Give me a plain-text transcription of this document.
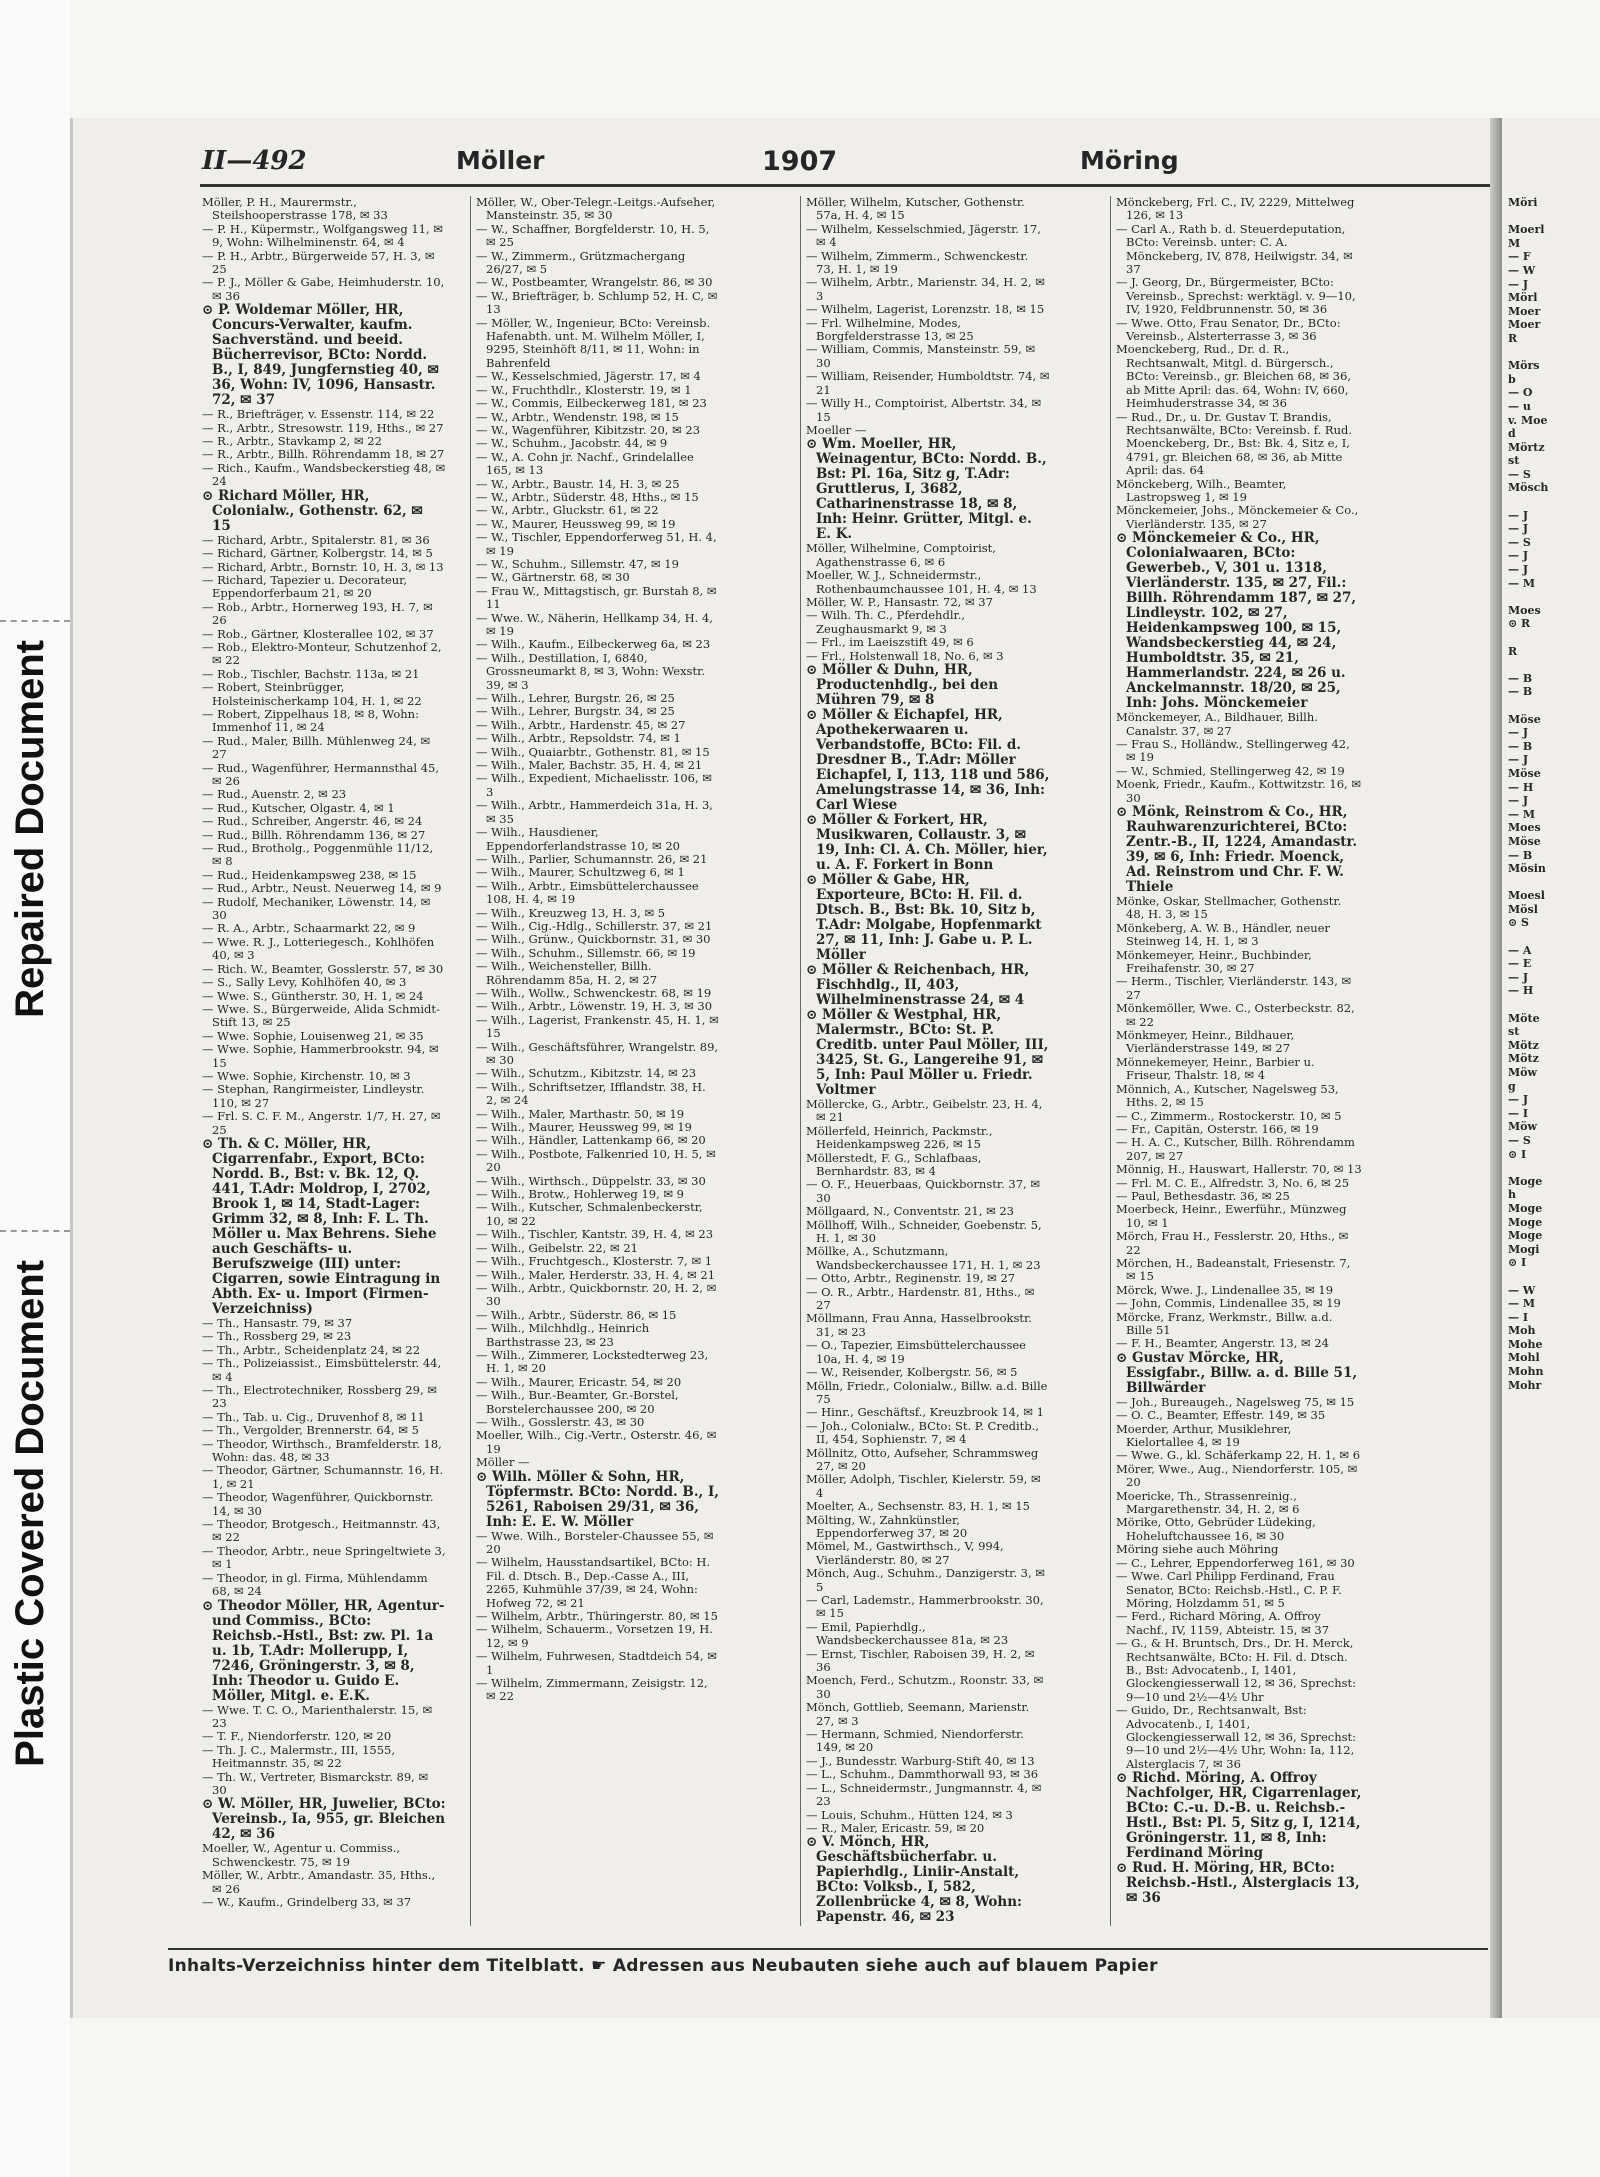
Repaired Document
Plastic Covered Document
Möri

Moerl
M
— F
— W
— J
Mörl
Moer
Moer
R

Mörs
b
— O
— u
v. Moe
d
Mörtz
st
— S
Mösch

— J
— J
— S
— J
— J
— M

Moes
⊙ R

R

— B
— B

Möse
— J
— B
— J
Möse
— H
— J
— M
Moes
Möse
— B
Mösin

Moesl
Mösl
⊙ S

— A
— E
— J
— H

Möte
st
Mötz
Mötz
Möw
g
— J
— I
Möw
— S
⊙ I

Moge
h
Moge
Moge
Moge
Mogi
⊙ I

— W
— M
— I
Moh
Mohe
Mohl
Mohn
Mohr
II—492	Möller	1907	Möring

Möller, P. H., Maurermstr., Steilshooperstrasse 178, ✉ 33

— P. H., Küpermstr., Wolfgangsweg 11, ✉ 9, Wohn: Wilhelminenstr. 64, ✉ 4

— P. H., Arbtr., Bürgerweide 57, H. 3, ✉ 25

— P. J., Möller & Gabe, Heimhuderstr. 10, ✉ 36

⊙ P. Woldemar Möller, HR, Concurs-Verwalter, kaufm. Sachverständ. und beeid. Bücherrevisor, BCto: Nordd. B., I, 849, Jungfernstieg 40, ✉ 36, Wohn: IV, 1096, Hansastr. 72, ✉ 37

— R., Briefträger, v. Essenstr. 114, ✉ 22

— R., Arbtr., Stresowstr. 119, Hths., ✉ 27

— R., Arbtr., Stavkamp 2, ✉ 22

— R., Arbtr., Billh. Röhrendamm 18, ✉ 27

— Rich., Kaufm., Wandsbeckerstieg 48, ✉ 24

⊙ Richard Möller, HR, Colonialw., Gothenstr. 62, ✉ 15

— Richard, Arbtr., Spitalerstr. 81, ✉ 36

— Richard, Gärtner, Kolbergstr. 14, ✉ 5

— Richard, Arbtr., Bornstr. 10, H. 3, ✉ 13

— Richard, Tapezier u. Decorateur, Eppendorferbaum 21, ✉ 20

— Rob., Arbtr., Hornerweg 193, H. 7, ✉ 26

— Rob., Gärtner, Klosterallee 102, ✉ 37

— Rob., Elektro-Monteur, Schutzenhof 2, ✉ 22

— Rob., Tischler, Bachstr. 113a, ✉ 21

— Robert, Steinbrügger, Holsteinischerkamp 104, H. 1, ✉ 22

— Robert, Zippelhaus 18, ✉ 8, Wohn: Immenhof 11, ✉ 24

— Rud., Maler, Billh. Mühlenweg 24, ✉ 27

— Rud., Wagenführer, Hermannsthal 45, ✉ 26

— Rud., Auenstr. 2, ✉ 23

— Rud., Kutscher, Olgastr. 4, ✉ 1

— Rud., Schreiber, Angerstr. 46, ✉ 24

— Rud., Billh. Röhrendamm 136, ✉ 27

— Rud., Brotholg., Poggenmühle 11/12, ✉ 8

— Rud., Heidenkampsweg 238, ✉ 15

— Rud., Arbtr., Neust. Neuerweg 14, ✉ 9

— Rudolf, Mechaniker, Löwenstr. 14, ✉ 30

— R. A., Arbtr., Schaarmarkt 22, ✉ 9

— Wwe. R. J., Lotteriegesch., Kohlhöfen 40, ✉ 3

— Rich. W., Beamter, Gosslerstr. 57, ✉ 30

— S., Sally Levy, Kohlhöfen 40, ✉ 3

— Wwe. S., Güntherstr. 30, H. 1, ✉ 24

— Wwe. S., Bürgerweide, Alida Schmidt-Stift 13, ✉ 25

— Wwe. Sophie, Louisenweg 21, ✉ 35

— Wwe. Sophie, Hammerbrookstr. 94, ✉ 15

— Wwe. Sophie, Kirchenstr. 10, ✉ 3

— Stephan, Rangirmeister, Lindleystr. 110, ✉ 27

— Frl. S. C. F. M., Angerstr. 1/7, H. 27, ✉ 25

⊙ Th. & C. Möller, HR, Cigarrenfabr., Export, BCto: Nordd. B., Bst: v. Bk. 12, Q. 441, T.Adr: Moldrop, I, 2702, Brook 1, ✉ 14, Stadt-Lager: Grimm 32, ✉ 8, Inh: F. L. Th. Möller u. Max Behrens. Siehe auch Geschäfts- u. Berufszweige (III) unter: Cigarren, sowie Eintragung in Abth. Ex- u. Import (Firmen-Verzeichniss)

— Th., Hansastr. 79, ✉ 37

— Th., Rossberg 29, ✉ 23

— Th., Arbtr., Scheidenplatz 24, ✉ 22

— Th., Polizeiassist., Eimsbüttelerstr. 44, ✉ 4

— Th., Electrotechniker, Rossberg 29, ✉ 23

— Th., Tab. u. Cig., Druvenhof 8, ✉ 11

— Th., Vergolder, Brennerstr. 64, ✉ 5

— Theodor, Wirthsch., Bramfelderstr. 18, Wohn: das. 48, ✉ 33

— Theodor, Gärtner, Schumannstr. 16, H. 1, ✉ 21

— Theodor, Wagenführer, Quickbornstr. 14, ✉ 30

— Theodor, Brotgesch., Heitmannstr. 43, ✉ 22

— Theodor, Arbtr., neue Springeltwiete 3, ✉ 1

— Theodor, in gl. Firma, Mühlendamm 68, ✉ 24

⊙ Theodor Möller, HR, Agentur- und Commiss., BCto: Reichsb.-Hstl., Bst: zw. Pl. 1a u. 1b, T.Adr: Mollerupp, I, 7246, Gröningerstr. 3, ✉ 8, Inh: Theodor u. Guido E. Möller, Mitgl. e. E.K.

— Wwe. T. C. O., Marienthalerstr. 15, ✉ 23

— T. F., Niendorferstr. 120, ✉ 20

— Th. J. C., Malermstr., III, 1555, Heitmannstr. 35, ✉ 22

— Th. W., Vertreter, Bismarckstr. 89, ✉ 30

⊙ W. Möller, HR, Juwelier, BCto: Vereinsb., Ia, 955, gr. Bleichen 42, ✉ 36

Moeller, W., Agentur u. Commiss., Schwenckestr. 75, ✉ 19

Möller, W., Arbtr., Amandastr. 35, Hths., ✉ 26

— W., Kaufm., Grindelberg 33, ✉ 37

Möller, W., Ober-Telegr.-Leitgs.-Aufseher, Mansteinstr. 35, ✉ 30

— W., Schaffner, Borgfelderstr. 10, H. 5, ✉ 25

— W., Zimmerm., Grützmachergang 26/27, ✉ 5

— W., Postbeamter, Wrangelstr. 86, ✉ 30

— W., Briefträger, b. Schlump 52, H. C, ✉ 13

— Möller, W., Ingenieur, BCto: Vereinsb. Hafenabth. unt. M. Wilhelm Möller, I, 9295, Steinhöft 8/11, ✉ 11, Wohn: in Bahrenfeld

— W., Kesselschmied, Jägerstr. 17, ✉ 4

— W., Fruchthdlr., Klosterstr. 19, ✉ 1

— W., Commis, Eilbeckerweg 181, ✉ 23

— W., Arbtr., Wendenstr. 198, ✉ 15

— W., Wagenführer, Kibitzstr. 20, ✉ 23

— W., Schuhm., Jacobstr. 44, ✉ 9

— W., A. Cohn jr. Nachf., Grindelallee 165, ✉ 13

— W., Arbtr., Baustr. 14, H. 3, ✉ 25

— W., Arbtr., Süderstr. 48, Hths., ✉ 15

— W., Arbtr., Gluckstr. 61, ✉ 22

— W., Maurer, Heussweg 99, ✉ 19

— W., Tischler, Eppendorferweg 51, H. 4, ✉ 19

— W., Schuhm., Sillemstr. 47, ✉ 19

— W., Gärtnerstr. 68, ✉ 30

— Frau W., Mittagstisch, gr. Burstah 8, ✉ 11

— Wwe. W., Näherin, Hellkamp 34, H. 4, ✉ 19

— Wilh., Kaufm., Eilbeckerweg 6a, ✉ 23

— Wilh., Destillation, I, 6840, Grossneumarkt 8, ✉ 3, Wohn: Wexstr. 39, ✉ 3

— Wilh., Lehrer, Burgstr. 26, ✉ 25

— Wilh., Lehrer, Burgstr. 34, ✉ 25

— Wilh., Arbtr., Hardenstr. 45, ✉ 27

— Wilh., Arbtr., Repsoldstr. 74, ✉ 1

— Wilh., Quaiarbtr., Gothenstr. 81, ✉ 15

— Wilh., Maler, Bachstr. 35, H. 4, ✉ 21

— Wilh., Expedient, Michaelisstr. 106, ✉ 3

— Wilh., Arbtr., Hammerdeich 31a, H. 3, ✉ 35

— Wilh., Hausdiener, Eppendorferlandstrasse 10, ✉ 20

— Wilh., Parlier, Schumannstr. 26, ✉ 21

— Wilh., Maurer, Schultzweg 6, ✉ 1

— Wilh., Arbtr., Eimsbüttelerchaussee 108, H. 4, ✉ 19

— Wilh., Kreuzweg 13, H. 3, ✉ 5

— Wilh., Cig.-Hdlg., Schillerstr. 37, ✉ 21

— Wilh., Grünw., Quickbornstr. 31, ✉ 30

— Wilh., Schuhm., Sillemstr. 66, ✉ 19

— Wilh., Weichensteller, Billh. Röhrendamm 85a, H. 2, ✉ 27

— Wilh., Wollw., Schwenckestr. 68, ✉ 19

— Wilh., Arbtr., Löwenstr. 19, H. 3, ✉ 30

— Wilh., Lagerist, Frankenstr. 45, H. 1, ✉ 15

— Wilh., Geschäftsführer, Wrangelstr. 89, ✉ 30

— Wilh., Schutzm., Kibitzstr. 14, ✉ 23

— Wilh., Schriftsetzer, Ifflandstr. 38, H. 2, ✉ 24

— Wilh., Maler, Marthastr. 50, ✉ 19

— Wilh., Maurer, Heussweg 99, ✉ 19

— Wilh., Händler, Lattenkamp 66, ✉ 20

— Wilh., Postbote, Falkenried 10, H. 5, ✉ 20

— Wilh., Wirthsch., Düppelstr. 33, ✉ 30

— Wilh., Brotw., Hohlerweg 19, ✉ 9

— Wilh., Kutscher, Schmalenbeckerstr, 10, ✉ 22

— Wilh., Tischler, Kantstr. 39, H. 4, ✉ 23

— Wilh., Geibelstr. 22, ✉ 21

— Wilh., Fruchtgesch., Klosterstr. 7, ✉ 1

— Wilh., Maler, Herderstr. 33, H. 4, ✉ 21

— Wilh., Arbtr., Quickbornstr. 20, H. 2, ✉ 30

— Wilh., Arbtr., Süderstr. 86, ✉ 15

— Wilh., Milchhdlg., Heinrich Barthstrasse 23, ✉ 23

— Wilh., Zimmerer, Lockstedterweg 23, H. 1, ✉ 20

— Wilh., Maurer, Ericastr. 54, ✉ 20

— Wilh., Bur.-Beamter, Gr.-Borstel, Borstelerchaussee 200, ✉ 20

— Wilh., Gosslerstr. 43, ✉ 30

Moeller, Wilh., Cig.-Vertr., Osterstr. 46, ✉ 19

Möller —

⊙ Wilh. Möller & Sohn, HR, Töpfermstr. BCto: Nordd. B., I, 5261, Raboisen 29/31, ✉ 36, Inh: E. E. W. Möller

— Wwe. Wilh., Borsteler-Chaussee 55, ✉ 20

— Wilhelm, Hausstandsartikel, BCto: H. Fil. d. Dtsch. B., Dep.-Casse A., III, 2265, Kuhmühle 37/39, ✉ 24, Wohn: Hofweg 72, ✉ 21

— Wilhelm, Arbtr., Thüringerstr. 80, ✉ 15

— Wilhelm, Schauerm., Vorsetzen 19, H. 12, ✉ 9

— Wilhelm, Fuhrwesen, Stadtdeich 54, ✉ 1

— Wilhelm, Zimmermann, Zeisigstr. 12, ✉ 22

Möller, Wilhelm, Kutscher, Gothenstr. 57a, H. 4, ✉ 15

— Wilhelm, Kesselschmied, Jägerstr. 17, ✉ 4

— Wilhelm, Zimmerm., Schwenckestr. 73, H. 1, ✉ 19

— Wilhelm, Arbtr., Marienstr. 34, H. 2, ✉ 3

— Wilhelm, Lagerist, Lorenzstr. 18, ✉ 15

— Frl. Wilhelmine, Modes, Borgfelderstrasse 13, ✉ 25

— William, Commis, Mansteinstr. 59, ✉ 30

— William, Reisender, Humboldtstr. 74, ✉ 21

— Willy H., Comptoirist, Albertstr. 34, ✉ 15

Moeller —

⊙ Wm. Moeller, HR, Weinagentur, BCto: Nordd. B., Bst: Pl. 16a, Sitz g, T.Adr: Gruttlerus, I, 3682, Catharinenstrasse 18, ✉ 8, Inh: Heinr. Grütter, Mitgl. e. E. K.

Möller, Wilhelmine, Comptoirist, Agathenstrasse 6, ✉ 6

Moeller, W. J., Schneidermstr., Rothenbaumchaussee 101, H. 4, ✉ 13

Möller, W. P., Hansastr. 72, ✉ 37

— Wilh. Th. C., Pferdehdlr., Zeughausmarkt 9, ✉ 3

— Frl., im Laeiszstift 49, ✉ 6

— Frl., Holstenwall 18, No. 6, ✉ 3

⊙ Möller & Duhn, HR, Productenhdlg., bei den Mühren 79, ✉ 8

⊙ Möller & Eichapfel, HR, Apothekerwaaren u. Verbandstoffe, BCto: Fil. d. Dresdner B., T.Adr: Möller Eichapfel, I, 113, 118 und 586, Amelungstrasse 14, ✉ 36, Inh: Carl Wiese

⊙ Möller & Forkert, HR, Musikwaren, Collaustr. 3, ✉ 19, Inh: Cl. A. Ch. Möller, hier, u. A. F. Forkert in Bonn

⊙ Möller & Gabe, HR, Exporteure, BCto: H. Fil. d. Dtsch. B., Bst: Bk. 10, Sitz b, T.Adr: Molgabe, Hopfenmarkt 27, ✉ 11, Inh: J. Gabe u. P. L. Möller

⊙ Möller & Reichenbach, HR, Fischhdlg., II, 403, Wilhelminenstrasse 24, ✉ 4

⊙ Möller & Westphal, HR, Malermstr., BCto: St. P. Creditb. unter Paul Möller, III, 3425, St. G., Langereihe 91, ✉ 5, Inh: Paul Möller u. Friedr. Voltmer

Möllercke, G., Arbtr., Geibelstr. 23, H. 4, ✉ 21

Möllerfeld, Heinrich, Packmstr., Heidenkampsweg 226, ✉ 15

Möllerstedt, F. G., Schlafbaas, Bernhardstr. 83, ✉ 4

— O. F., Heuerbaas, Quickbornstr. 37, ✉ 30

Möllgaard, N., Conventstr. 21, ✉ 23

Möllhoff, Wilh., Schneider, Goebenstr. 5, H. 1, ✉ 30

Möllke, A., Schutzmann, Wandsbeckerchaussee 171, H. 1, ✉ 23

— Otto, Arbtr., Reginenstr. 19, ✉ 27

— O. R., Arbtr., Hardenstr. 81, Hths., ✉ 27

Möllmann, Frau Anna, Hasselbrookstr. 31, ✉ 23

— O., Tapezier, Eimsbüttelerchaussee 10a, H. 4, ✉ 19

— W., Reisender, Kolbergstr. 56, ✉ 5

Mölln, Friedr., Colonialw., Billw. a.d. Bille 75

— Hinr., Geschäftsf., Kreuzbrook 14, ✉ 1

— Joh., Colonialw., BCto: St. P. Creditb., II, 454, Sophienstr. 7, ✉ 4

Möllnitz, Otto, Aufseher, Schrammsweg 27, ✉ 20

Möller, Adolph, Tischler, Kielerstr. 59, ✉ 4

Moelter, A., Sechsenstr. 83, H. 1, ✉ 15

Mölting, W., Zahnkünstler, Eppendorferweg 37, ✉ 20

Mömel, M., Gastwirthsch., V, 994, Vierländerstr. 80, ✉ 27

Mönch, Aug., Schuhm., Danzigerstr. 3, ✉ 5

— Carl, Lademstr., Hammerbrookstr. 30, ✉ 15

— Emil, Papierhdlg., Wandsbeckerchaussee 81a, ✉ 23

— Ernst, Tischler, Raboisen 39, H. 2, ✉ 36

Moench, Ferd., Schutzm., Roonstr. 33, ✉ 30

Mönch, Gottlieb, Seemann, Marienstr. 27, ✉ 3

— Hermann, Schmied, Niendorferstr. 149, ✉ 20

— J., Bundesstr. Warburg-Stift 40, ✉ 13

— L., Schuhm., Dammthorwall 93, ✉ 36

— L., Schneidermstr., Jungmannstr. 4, ✉ 23

— Louis, Schuhm., Hütten 124, ✉ 3

— R., Maler, Ericastr. 59, ✉ 20

⊙ V. Mönch, HR, Geschäftsbücherfabr. u. Papierhdlg., Liniir-Anstalt, BCto: Volksb., I, 582, Zollenbrücke 4, ✉ 8, Wohn: Papenstr. 46, ✉ 23

Mönckeberg, Frl. C., IV, 2229, Mittelweg 126, ✉ 13

— Carl A., Rath b. d. Steuerdeputation, BCto: Vereinsb. unter: C. A. Mönckeberg, IV, 878, Heilwigstr. 34, ✉ 37

— J. Georg, Dr., Bürgermeister, BCto: Vereinsb., Sprechst: werktägl. v. 9—10, IV, 1920, Feldbrunnenstr. 50, ✉ 36

— Wwe. Otto, Frau Senator, Dr., BCto: Vereinsb., Alsterterrasse 3, ✉ 36

Moenckeberg, Rud., Dr. d. R., Rechtsanwalt, Mitgl. d. Bürgersch., BCto: Vereinsb., gr. Bleichen 68, ✉ 36, ab Mitte April: das. 64, Wohn: IV, 660, Heimhuderstrasse 34, ✉ 36

— Rud., Dr., u. Dr. Gustav T. Brandis, Rechtsanwälte, BCto: Vereinsb. f. Rud. Moenckeberg, Dr., Bst: Bk. 4, Sitz e, I, 4791, gr. Bleichen 68, ✉ 36, ab Mitte April: das. 64

Mönckeberg, Wilh., Beamter, Lastropsweg 1, ✉ 19

Mönckemeier, Johs., Mönckemeier & Co., Vierländerstr. 135, ✉ 27

⊙ Mönckemeier & Co., HR, Colonialwaaren, BCto: Gewerbeb., V, 301 u. 1318, Vierländerstr. 135, ✉ 27, Fil.: Billh. Röhrendamm 187, ✉ 27, Lindleystr. 102, ✉ 27, Heidenkampsweg 100, ✉ 15, Wandsbeckerstieg 44, ✉ 24, Humboldtstr. 35, ✉ 21, Hammerlandstr. 224, ✉ 26 u. Anckelmannstr. 18/20, ✉ 25, Inh: Johs. Mönckemeier

Mönckemeyer, A., Bildhauer, Billh. Canalstr. 37, ✉ 27

— Frau S., Holländw., Stellingerweg 42, ✉ 19

— W., Schmied, Stellingerweg 42, ✉ 19

Moenk, Friedr., Kaufm., Kottwitzstr. 16, ✉ 30

⊙ Mönk, Reinstrom & Co., HR, Rauhwarenzurichterei, BCto: Zentr.-B., II, 1224, Amandastr. 39, ✉ 6, Inh: Friedr. Moenck, Ad. Reinstrom und Chr. F. W. Thiele

Mönke, Oskar, Stellmacher, Gothenstr. 48, H. 3, ✉ 15

Mönkeberg, A. W. B., Händler, neuer Steinweg 14, H. 1, ✉ 3

Mönkemeyer, Heinr., Buchbinder, Freihafenstr. 30, ✉ 27

— Herm., Tischler, Vierländerstr. 143, ✉ 27

Mönkemöller, Wwe. C., Osterbeckstr. 82, ✉ 22

Mönkmeyer, Heinr., Bildhauer, Vierländerstrasse 149, ✉ 27

Mönnekemeyer, Heinr., Barbier u. Friseur, Thalstr. 18, ✉ 4

Mönnich, A., Kutscher, Nagelsweg 53, Hths. 2, ✉ 15

— C., Zimmerm., Rostockerstr. 10, ✉ 5

— Fr., Capitän, Osterstr. 166, ✉ 19

— H. A. C., Kutscher, Billh. Röhrendamm 207, ✉ 27

Mönnig, H., Hauswart, Hallerstr. 70, ✉ 13

— Frl. M. C. E., Alfredstr. 3, No. 6, ✉ 25

— Paul, Bethesdastr. 36, ✉ 25

Moerbeck, Heinr., Ewerführ., Münzweg 10, ✉ 1

Mörch, Frau H., Fesslerstr. 20, Hths., ✉ 22

Mörchen, H., Badeanstalt, Friesenstr. 7, ✉ 15

Mörck, Wwe. J., Lindenallee 35, ✉ 19

— John, Commis, Lindenallee 35, ✉ 19

Mörcke, Franz, Werkmstr., Billw. a.d. Bille 51

— F. H., Beamter, Angerstr. 13, ✉ 24

⊙ Gustav Mörcke, HR, Essigfabr., Billw. a. d. Bille 51, Billwärder

— Joh., Bureaugeh., Nagelsweg 75, ✉ 15

— O. C., Beamter, Effestr. 149, ✉ 35

Moerder, Arthur, Musiklehrer, Kielortallee 4, ✉ 19

— Wwe. G., kl. Schäferkamp 22, H. 1, ✉ 6

Mörer, Wwe., Aug., Niendorferstr. 105, ✉ 20

Moericke, Th., Strassenreinig., Margarethenstr. 34, H. 2, ✉ 6

Mörike, Otto, Gebrüder Lüdeking, Hoheluftchaussee 16, ✉ 30

Möring siehe auch Möhring

— C., Lehrer, Eppendorferweg 161, ✉ 30

— Wwe. Carl Philipp Ferdinand, Frau Senator, BCto: Reichsb.-Hstl., C. P. F. Möring, Holzdamm 51, ✉ 5

— Ferd., Richard Möring, A. Offroy Nachf., IV, 1159, Abteistr. 15, ✉ 37

— G., & H. Bruntsch, Drs., Dr. H. Merck, Rechtsanwälte, BCto: H. Fil. d. Dtsch. B., Bst: Advocatenb., I, 1401, Glockengiesserwall 12, ✉ 36, Sprechst: 9—10 und 2½—4½ Uhr

— Guido, Dr., Rechtsanwalt, Bst: Advocatenb., I, 1401, Glockengiesserwall 12, ✉ 36, Sprechst: 9—10 und 2½—4½ Uhr, Wohn: Ia, 112, Alsterglacis 7, ✉ 36

⊙ Richd. Möring, A. Offroy Nachfolger, HR, Cigarrenlager, BCto: C.-u. D.-B. u. Reichsb.-Hstl., Bst: Pl. 5, Sitz g, I, 1214, Gröningerstr. 11, ✉ 8, Inh: Ferdinand Möring

⊙ Rud. H. Möring, HR, BCto: Reichsb.-Hstl., Alsterglacis 13, ✉ 36

Inhalts-Verzeichniss hinter dem Titelblatt. ☛ Adressen aus Neubauten siehe auch auf blauem Papier
